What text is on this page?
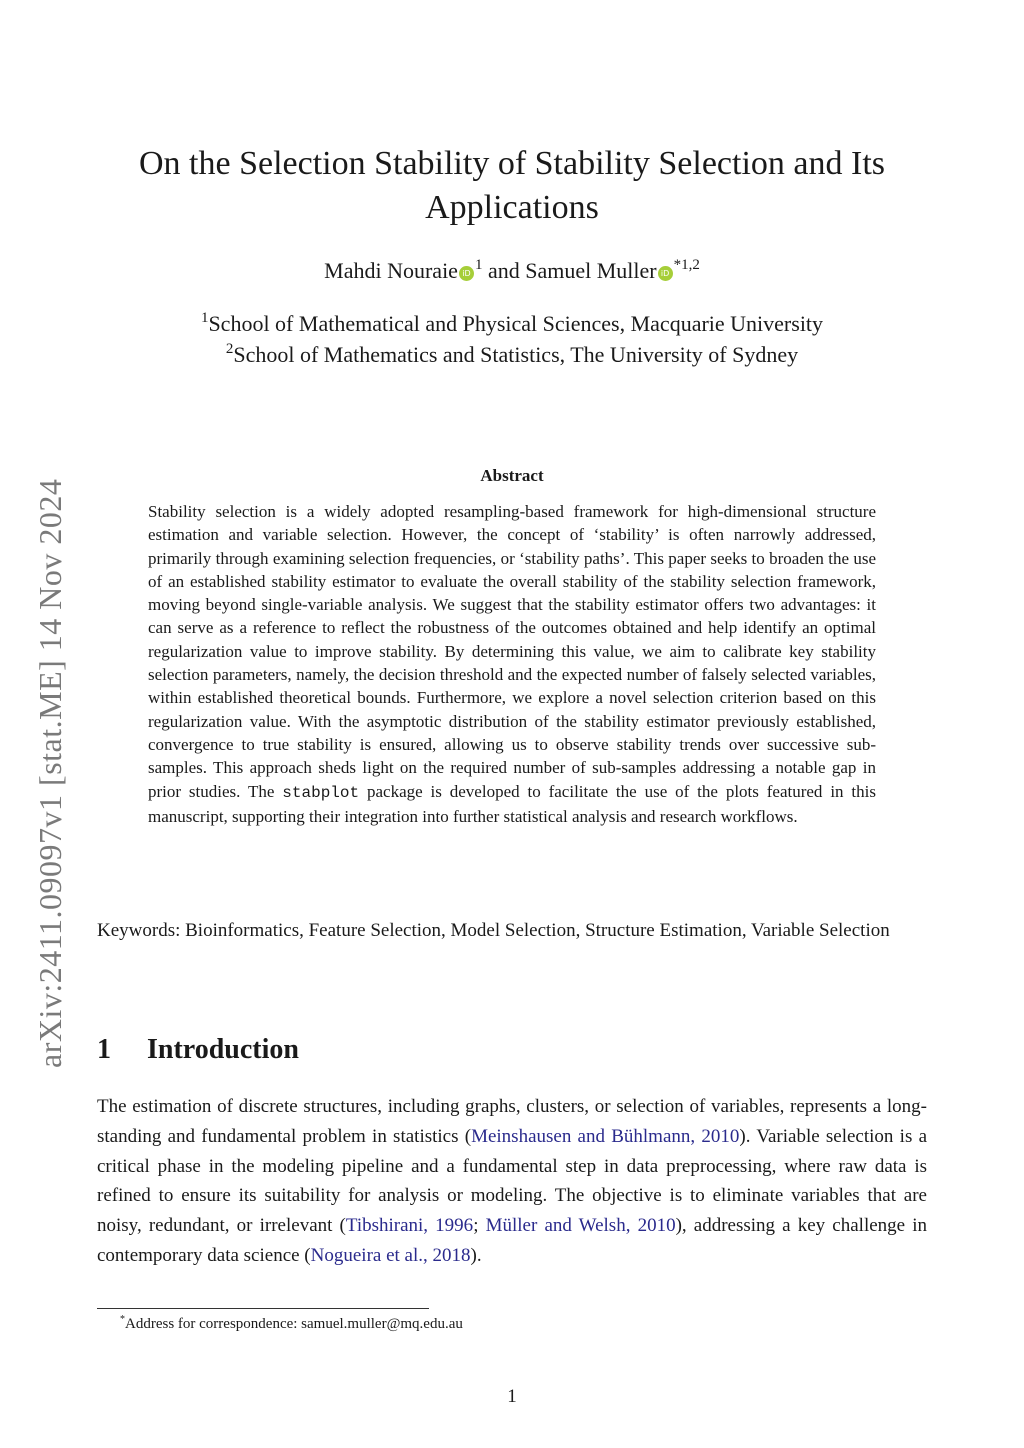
arXiv:2411.09097v1 [stat.ME] 14 Nov 2024
On the Selection Stability of Stability Selection and Its Applications
Mahdi Nouraie $iD^1$ and Samuel Muller iD$^{*1,2}$
$^1$School of Mathematical and Physical Sciences, Macquarie University
$^2$School of Mathematics and Statistics, The University of Sydney
Abstract

Stability selection is a widely adopted resampling-based framework for high-dimensional structure estimation and variable selection. However, the concept of ‘stability’ is often narrowly addressed, primarily through examining selection frequencies, or ‘stability paths’. This paper seeks to broaden the use of an established stability estimator to evaluate the overall stability of the stability selection framework, moving beyond single-variable analysis. We suggest that the stability estimator offers two advantages: it can serve as a reference to reflect the robustness of the outcomes obtained and help identify an optimal regularization value to improve stability. By determining this value, we aim to calibrate key stability selection parameters, namely, the decision threshold and the expected number of falsely selected variables, within established theoretical bounds. Furthermore, we explore a novel selection criterion based on this regularization value. With the asymptotic distribution of the stability estimator previously established, convergence to true stability is ensured, allowing us to observe stability trends over successive sub-samples. This approach sheds light on the required number of sub-samples addressing a notable gap in prior studies. The stabplot package is developed to facilitate the use of the plots featured in this manuscript, supporting their integration into further statistical analysis and research workflows.

Keywords: Bioinformatics, Feature Selection, Model Selection, Structure Estimation, Variable Selection
1 Introduction

The estimation of discrete structures, including graphs, clusters, or selection of variables, represents a long-standing and fundamental problem in statistics (Meinshausen and Bühlmann, 2010). Variable selection is a critical phase in the modeling pipeline and a fundamental step in data preprocessing, where raw data is refined to ensure its suitability for analysis or modeling. The objective is to eliminate variables that are noisy, redundant, or irrelevant (Tibshirani, 1996; Müller and Welsh, 2010), addressing a key challenge in contemporary data science (Nogueira et al., 2018).

*Address for correspondence: samuel.muller@mq.edu.au
1
